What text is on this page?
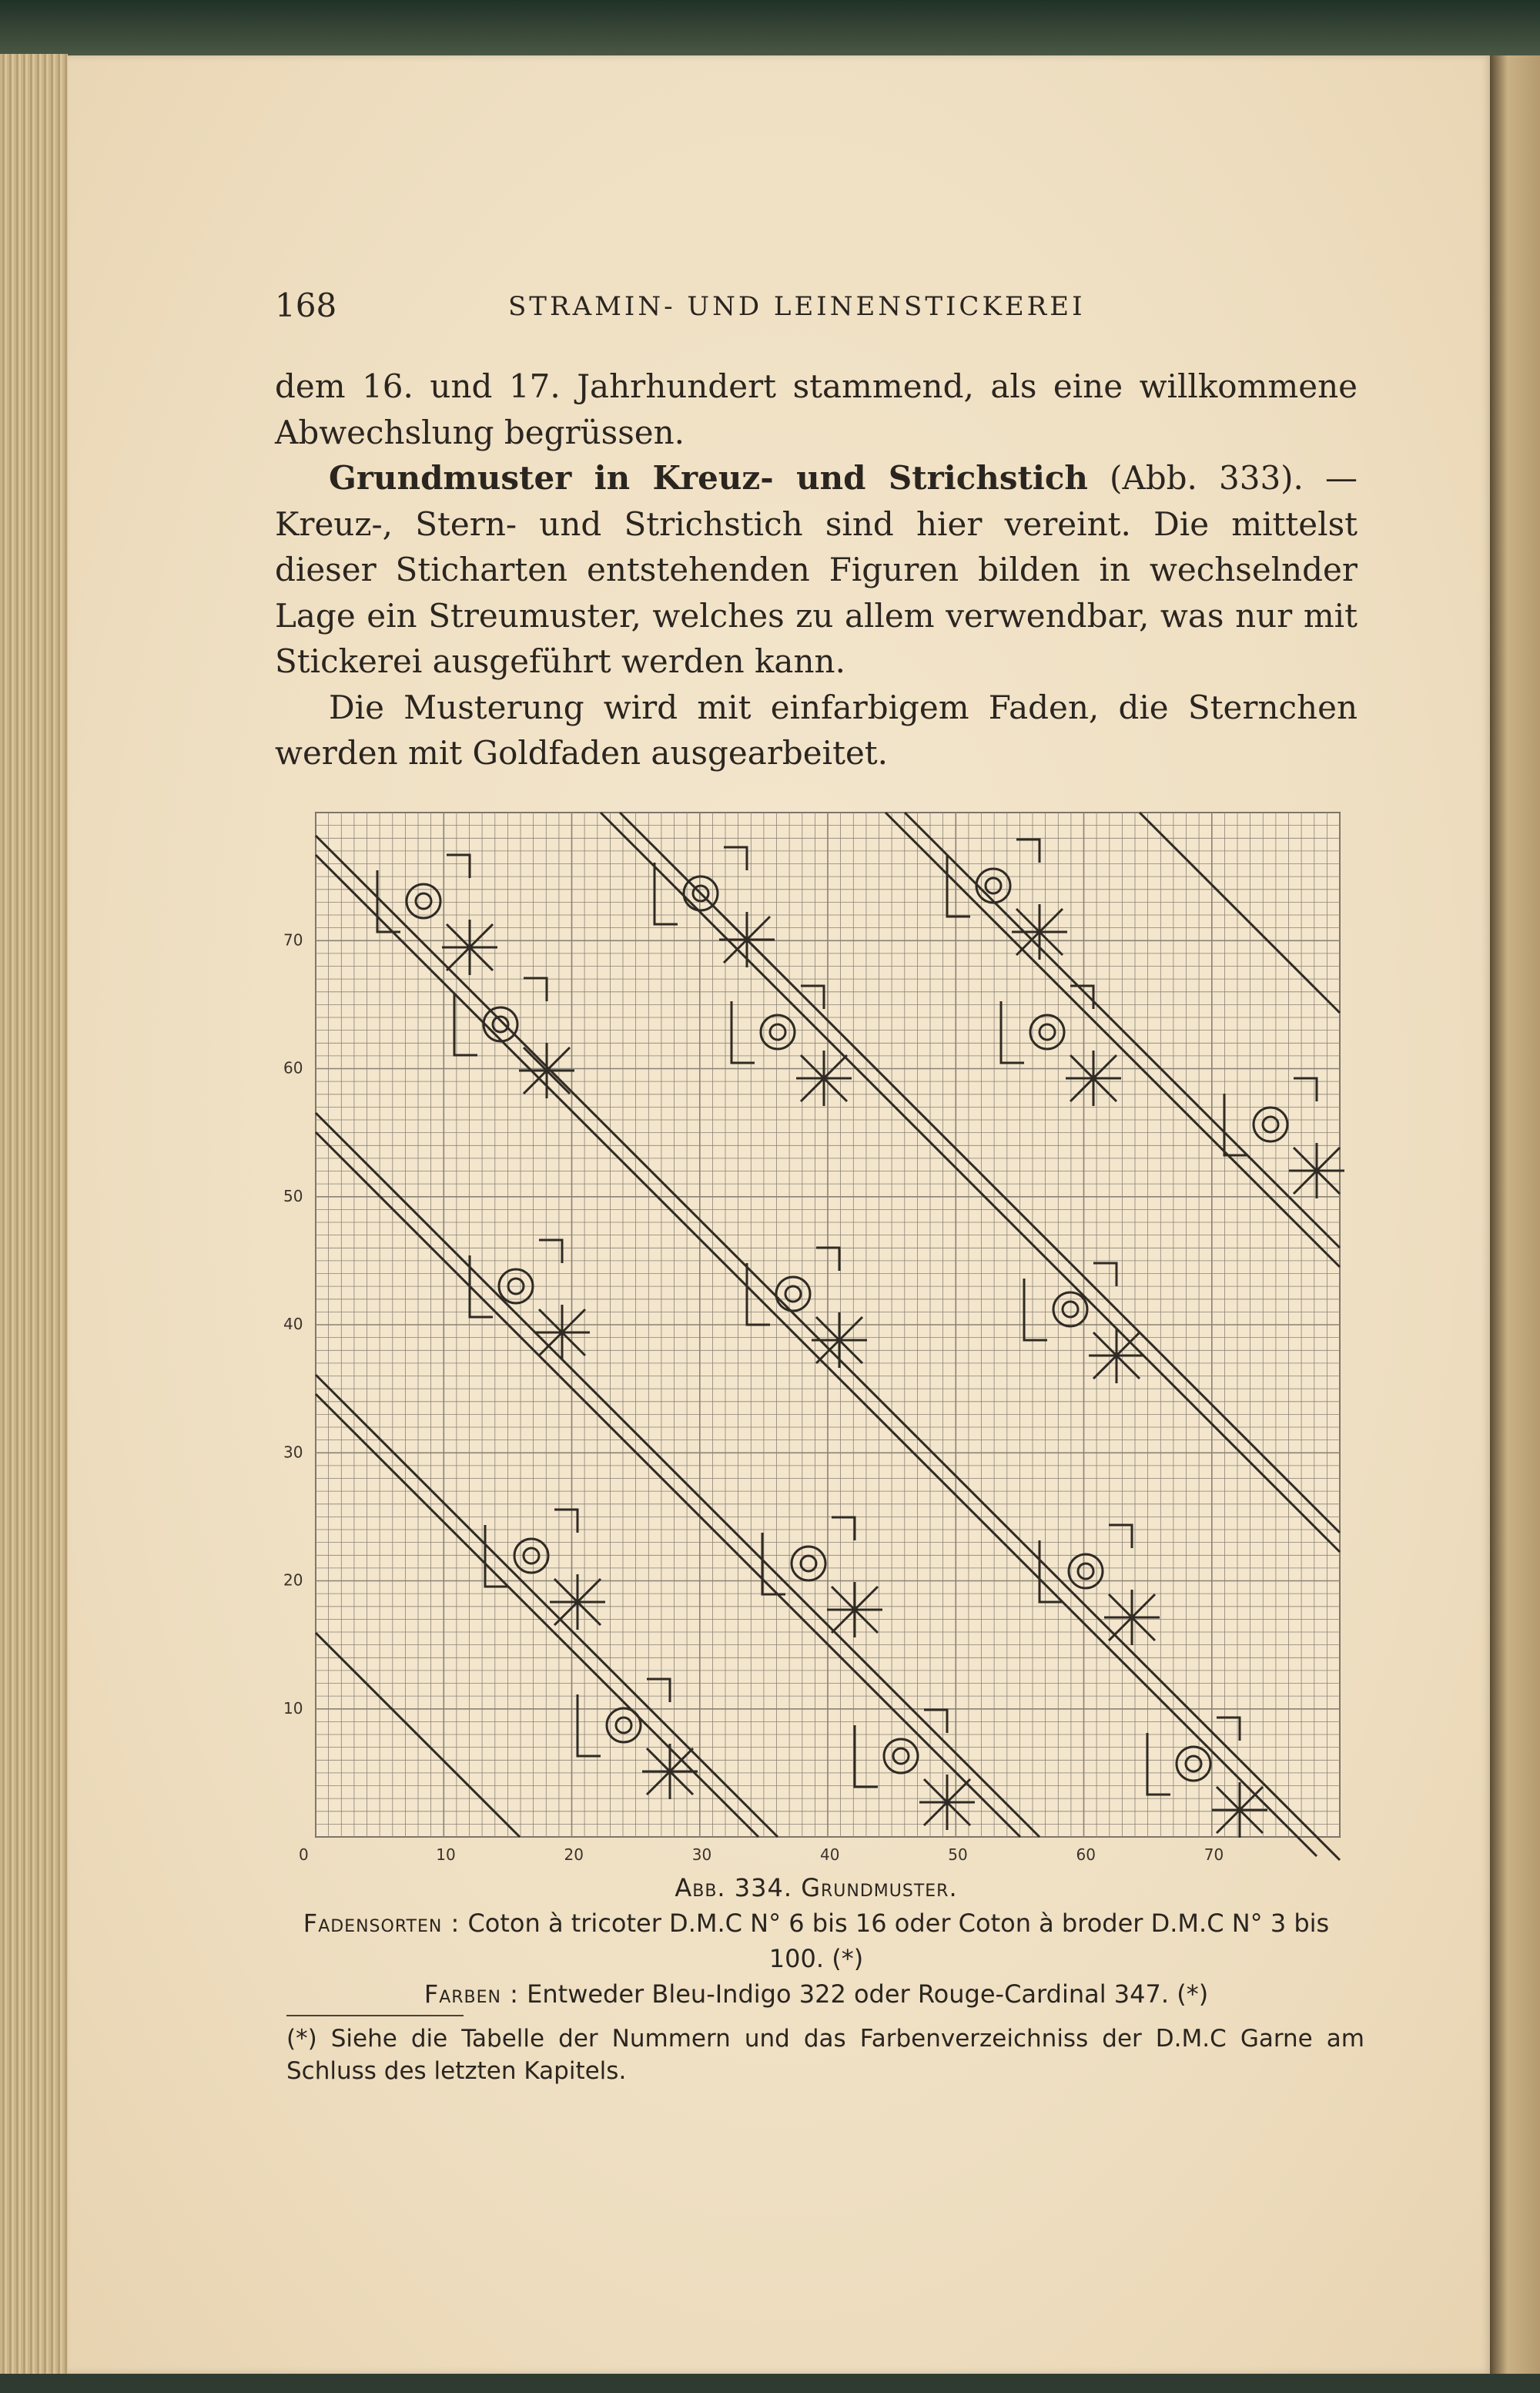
168	STRAMIN- UND LEINENSTICKEREI

dem 16. und 17. Jahrhundert stammend, als eine willkommene Abwechslung begrüssen.

Grundmuster in Kreuz- und Strichstich (Abb. 333). — Kreuz-, Stern- und Strichstich sind hier vereint. Die mittelst dieser Sticharten entstehenden Figuren bilden in wechselnder Lage ein Streumuster, welches zu allem verwendbar, was nur mit Stickerei ausgeführt werden kann.

Die Musterung wird mit einfarbigem Faden, die Sternchen werden mit Goldfaden ausgearbeitet.

70
60
50
40
30
20
10
0	10	20	30	40	50	60	70
Abb. 334. Grundmuster.
Fadensorten : Coton à tricoter D.M.C N° 6 bis 16 oder Coton à broder D.M.C N° 3 bis 100. (*)
Farben : Entweder Bleu-Indigo 322 oder Rouge-Cardinal 347. (*)
(*) Siehe die Tabelle der Nummern und das Farbenverzeichniss der D.M.C Garne am Schluss des letzten Kapitels.
